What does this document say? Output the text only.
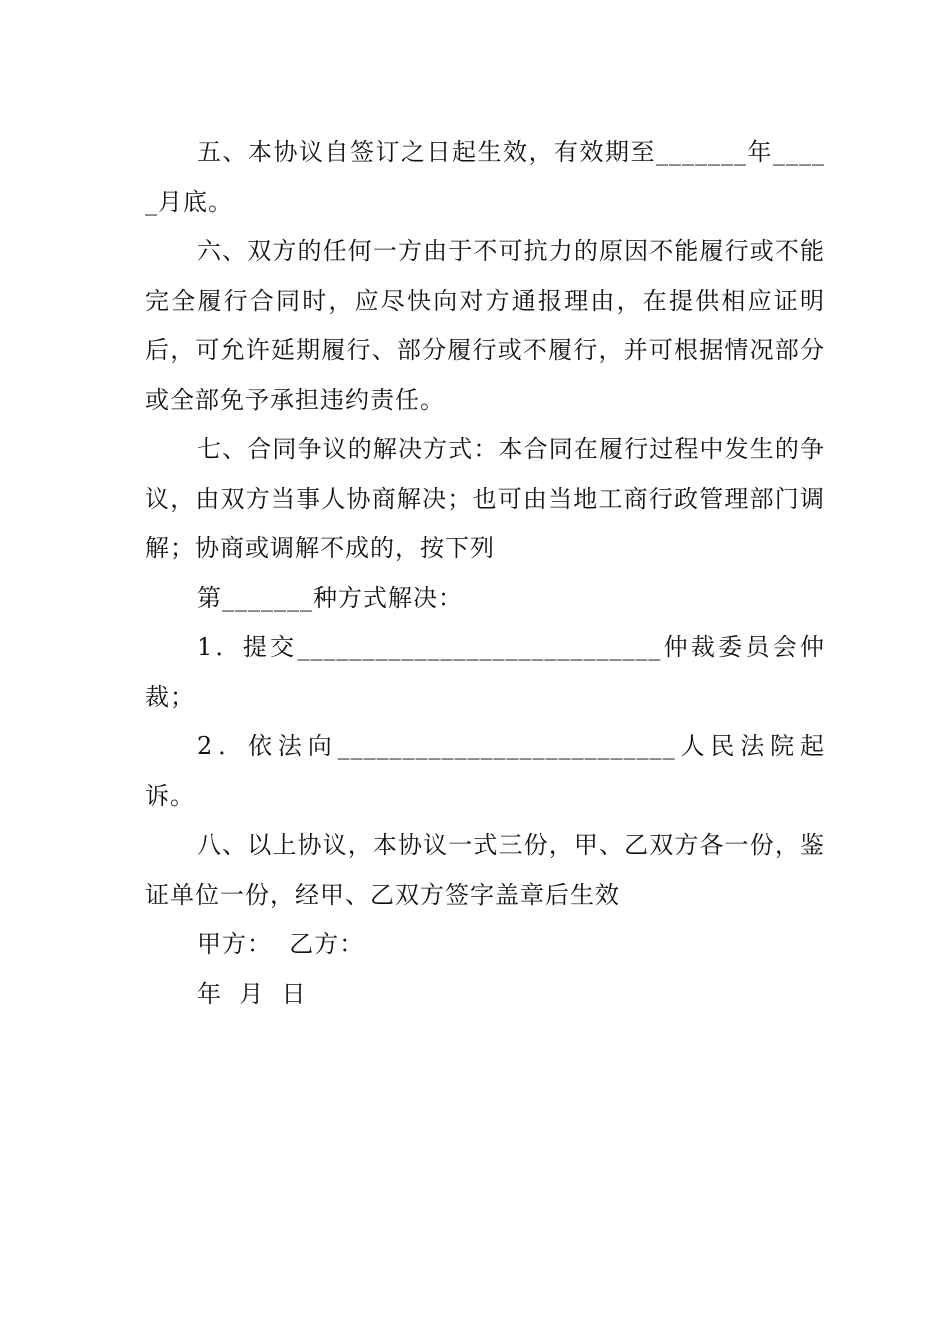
五、本协议自签订之日起生效，有效期至_______年_____月底。

六、双方的任何一方由于不可抗力的原因不能履行或不能完全履行合同时，应尽快向对方通报理由，在提供相应证明后，可允许延期履行、部分履行或不履行，并可根据情况部分或全部免予承担违约责任。

七、合同争议的解决方式：本合同在履行过程中发生的争议，由双方当事人协商解决；也可由当地工商行政管理部门调解；协商或调解不成的，按下列

第_______种方式解决：

1．提交____________________________仲裁委员会仲裁；

2．依法向__________________________人民法院起诉。

八、以上协议，本协议一式三份，甲、乙双方各一份，鉴证单位一份，经甲、乙双方签字盖章后生效

甲方：  乙方：

年  月  日
